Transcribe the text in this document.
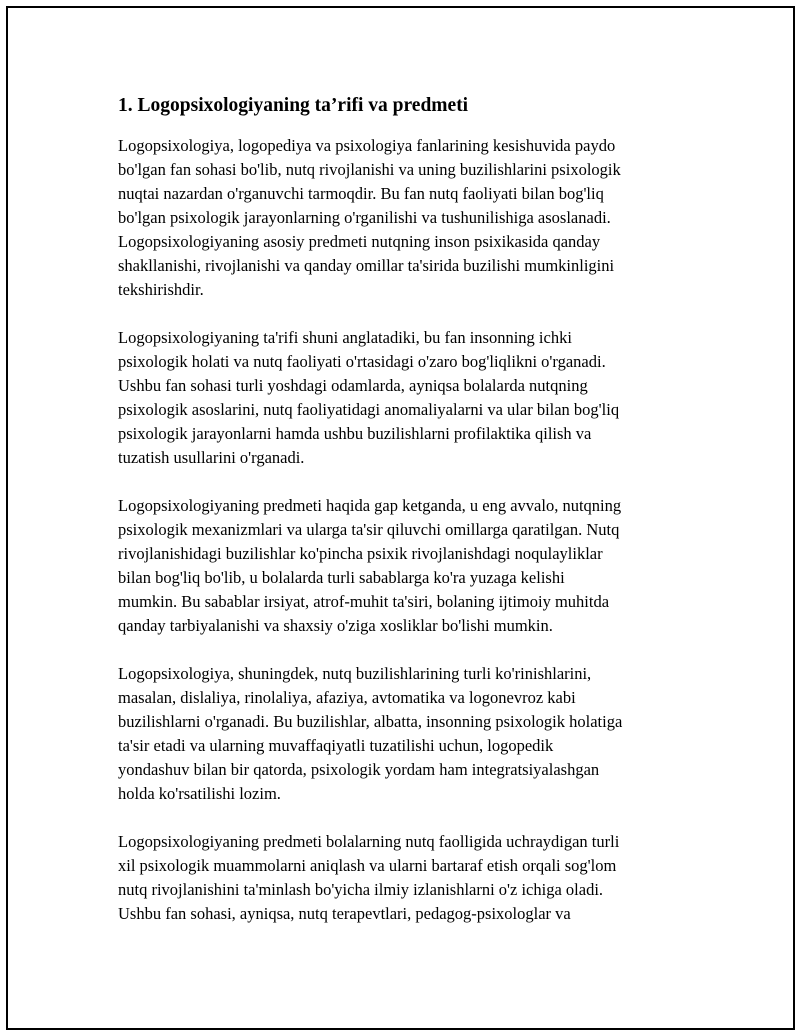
1. Logopsixologiyaning ta’rifi va predmeti

Logopsixologiya, logopediya va psixologiya fanlarining kesishuvida paydo
bo'lgan fan sohasi bo'lib, nutq rivojlanishi va uning buzilishlarini psixologik
nuqtai nazardan o'rganuvchi tarmoqdir. Bu fan nutq faoliyati bilan bog'liq
bo'lgan psixologik jarayonlarning o'rganilishi va tushunilishiga asoslanadi.
Logopsixologiyaning asosiy predmeti nutqning inson psixikasida qanday
shakllanishi, rivojlanishi va qanday omillar ta'sirida buzilishi mumkinligini
tekshirishdir.

Logopsixologiyaning ta'rifi shuni anglatadiki, bu fan insonning ichki
psixologik holati va nutq faoliyati o'rtasidagi o'zaro bog'liqlikni o'rganadi.
Ushbu fan sohasi turli yoshdagi odamlarda, ayniqsa bolalarda nutqning
psixologik asoslarini, nutq faoliyatidagi anomaliyalarni va ular bilan bog'liq
psixologik jarayonlarni hamda ushbu buzilishlarni profilaktika qilish va
tuzatish usullarini o'rganadi.

Logopsixologiyaning predmeti haqida gap ketganda, u eng avvalo, nutqning
psixologik mexanizmlari va ularga ta'sir qiluvchi omillarga qaratilgan. Nutq
rivojlanishidagi buzilishlar ko'pincha psixik rivojlanishdagi noqulayliklar
bilan bog'liq bo'lib, u bolalarda turli sabablarga ko'ra yuzaga kelishi
mumkin. Bu sabablar irsiyat, atrof-muhit ta'siri, bolaning ijtimoiy muhitda
qanday tarbiyalanishi va shaxsiy o'ziga xosliklar bo'lishi mumkin.

Logopsixologiya, shuningdek, nutq buzilishlarining turli ko'rinishlarini,
masalan, dislaliya, rinolaliya, afaziya, avtomatika va logonevroz kabi
buzilishlarni o'rganadi. Bu buzilishlar, albatta, insonning psixologik holatiga
ta'sir etadi va ularning muvaffaqiyatli tuzatilishi uchun, logopedik
yondashuv bilan bir qatorda, psixologik yordam ham integratsiyalashgan
holda ko'rsatilishi lozim.

Logopsixologiyaning predmeti bolalarning nutq faolligida uchraydigan turli
xil psixologik muammolarni aniqlash va ularni bartaraf etish orqali sog'lom
nutq rivojlanishini ta'minlash bo'yicha ilmiy izlanishlarni o'z ichiga oladi.
Ushbu fan sohasi, ayniqsa, nutq terapevtlari, pedagog-psixologlar va
